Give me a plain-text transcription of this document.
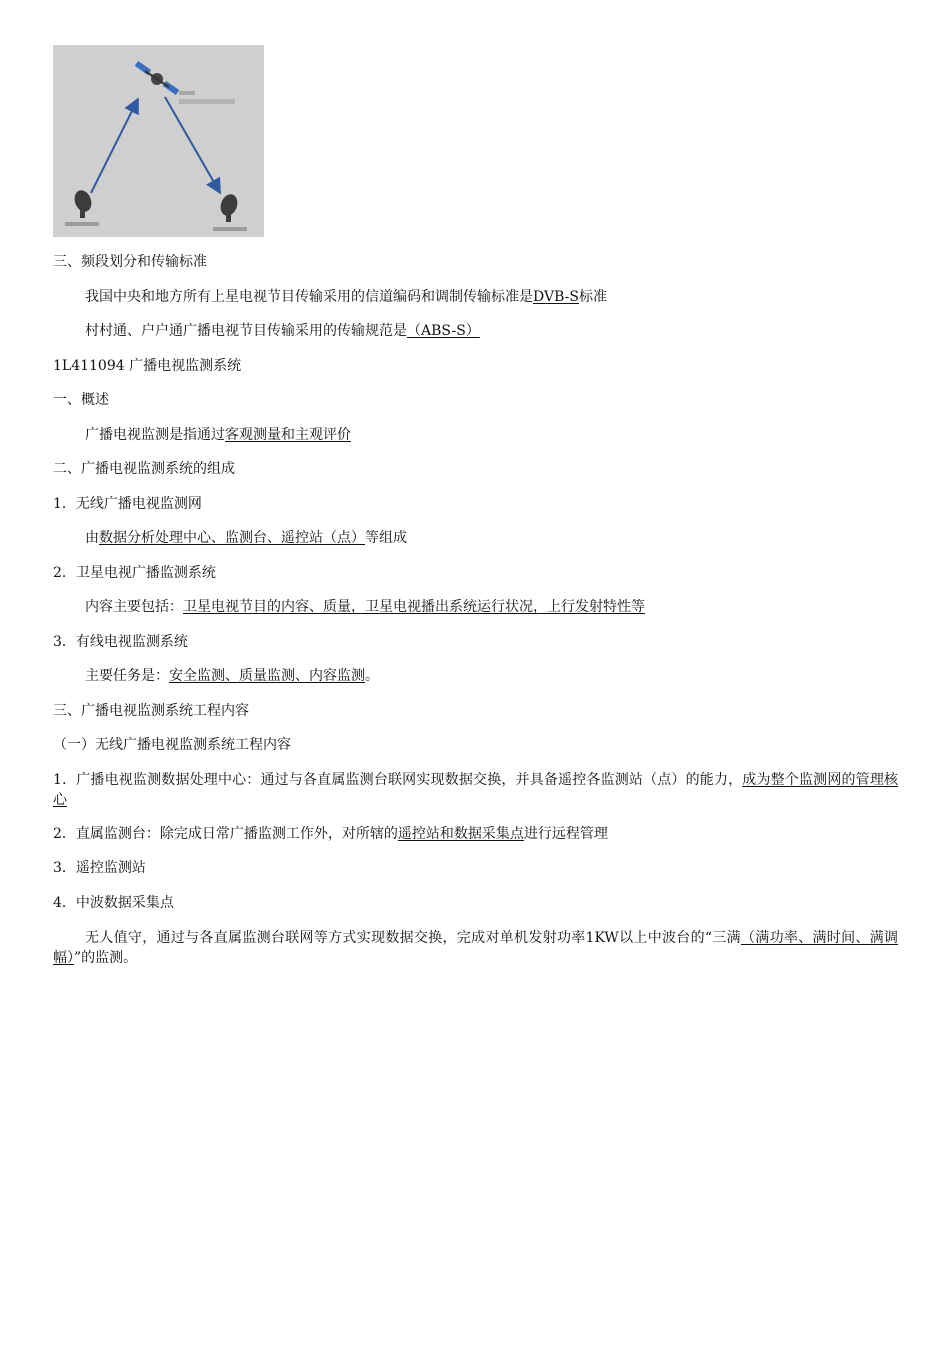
三、频段划分和传输标准
我国中央和地方所有上星电视节目传输采用的信道编码和调制传输标准是DVB-S标准
村村通、户户通广播电视节目传输采用的传输规范是（ABS-S）
1L411094 广播电视监测系统
一、概述
广播电视监测是指通过客观测量和主观评价
二、广播电视监测系统的组成
1．无线广播电视监测网
由数据分析处理中心、监测台、遥控站（点）等组成
2．卫星电视广播监测系统
内容主要包括：卫星电视节目的内容、质量，卫星电视播出系统运行状况，上行发射特性等
3．有线电视监测系统
主要任务是：安全监测、质量监测、内容监测。
三、广播电视监测系统工程内容
（一）无线广播电视监测系统工程内容
1．广播电视监测数据处理中心：通过与各直属监测台联网实现数据交换，并具备遥控各监测站（点）的能力，成为整个监测网的管理核心
2．直属监测台：除完成日常广播监测工作外，对所辖的遥控站和数据采集点进行远程管理
3．遥控监测站
4．中波数据采集点
无人值守，通过与各直属监测台联网等方式实现数据交换，完成对单机发射功率1KW以上中波台的“三满（满功率、满时间、满调幅）”的监测。
